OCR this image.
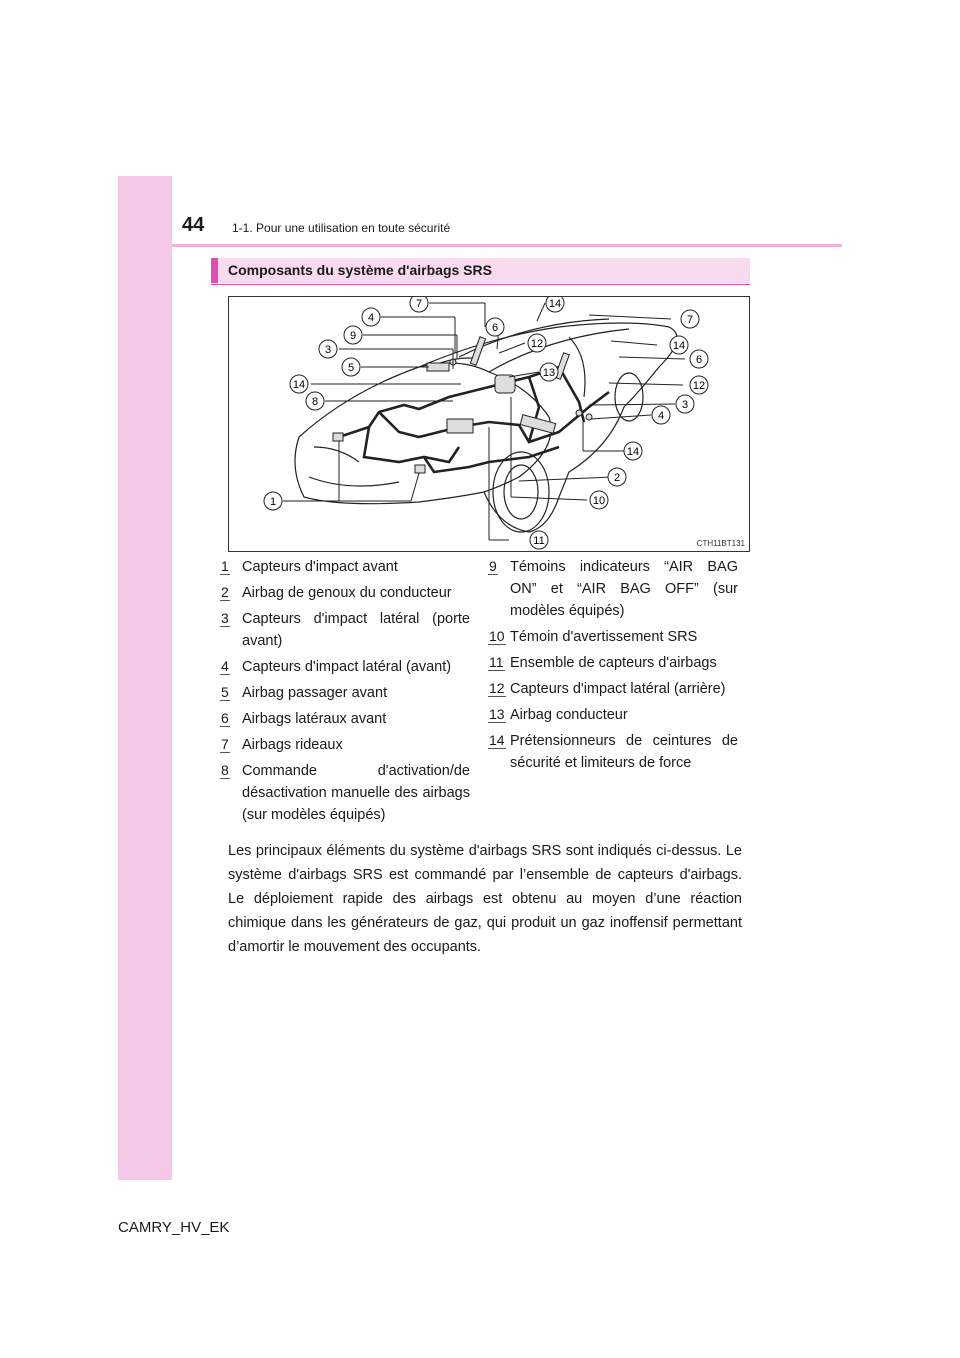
44 1-1. Pour une utilisation en toute sécurité
Composants du système d'airbags SRS
7	14
4
6
7
9
12	14
3
6
5	13
12
14
3
8
4
14
2
1	10
11	CTH11BT131
1 Capteurs d'impact avant
2 Airbag de genoux du conducteur
3 Capteurs d'impact latéral (porte avant)
4 Capteurs d'impact latéral (avant)
5 Airbag passager avant
6 Airbags latéraux avant
7 Airbags rideaux
8 Commande d'activation/de désactivation manuelle des airbags (sur modèles équipés)
9 Témoins indicateurs “AIR BAG ON” et “AIR BAG OFF” (sur modèles équipés)
10 Témoin d'avertissement SRS
11 Ensemble de capteurs d'airbags
12 Capteurs d'impact latéral (arrière)
13 Airbag conducteur
14 Prétensionneurs de ceintures de sécurité et limiteurs de force

Les principaux éléments du système d'airbags SRS sont indiqués ci-dessus. Le système d'airbags SRS est commandé par l’ensemble de capteurs d'airbags. Le déploiement rapide des airbags est obtenu au moyen d’une réaction chimique dans les générateurs de gaz, qui produit un gaz inoffensif permettant d’amortir le mouvement des occupants.

CAMRY_HV_EK
